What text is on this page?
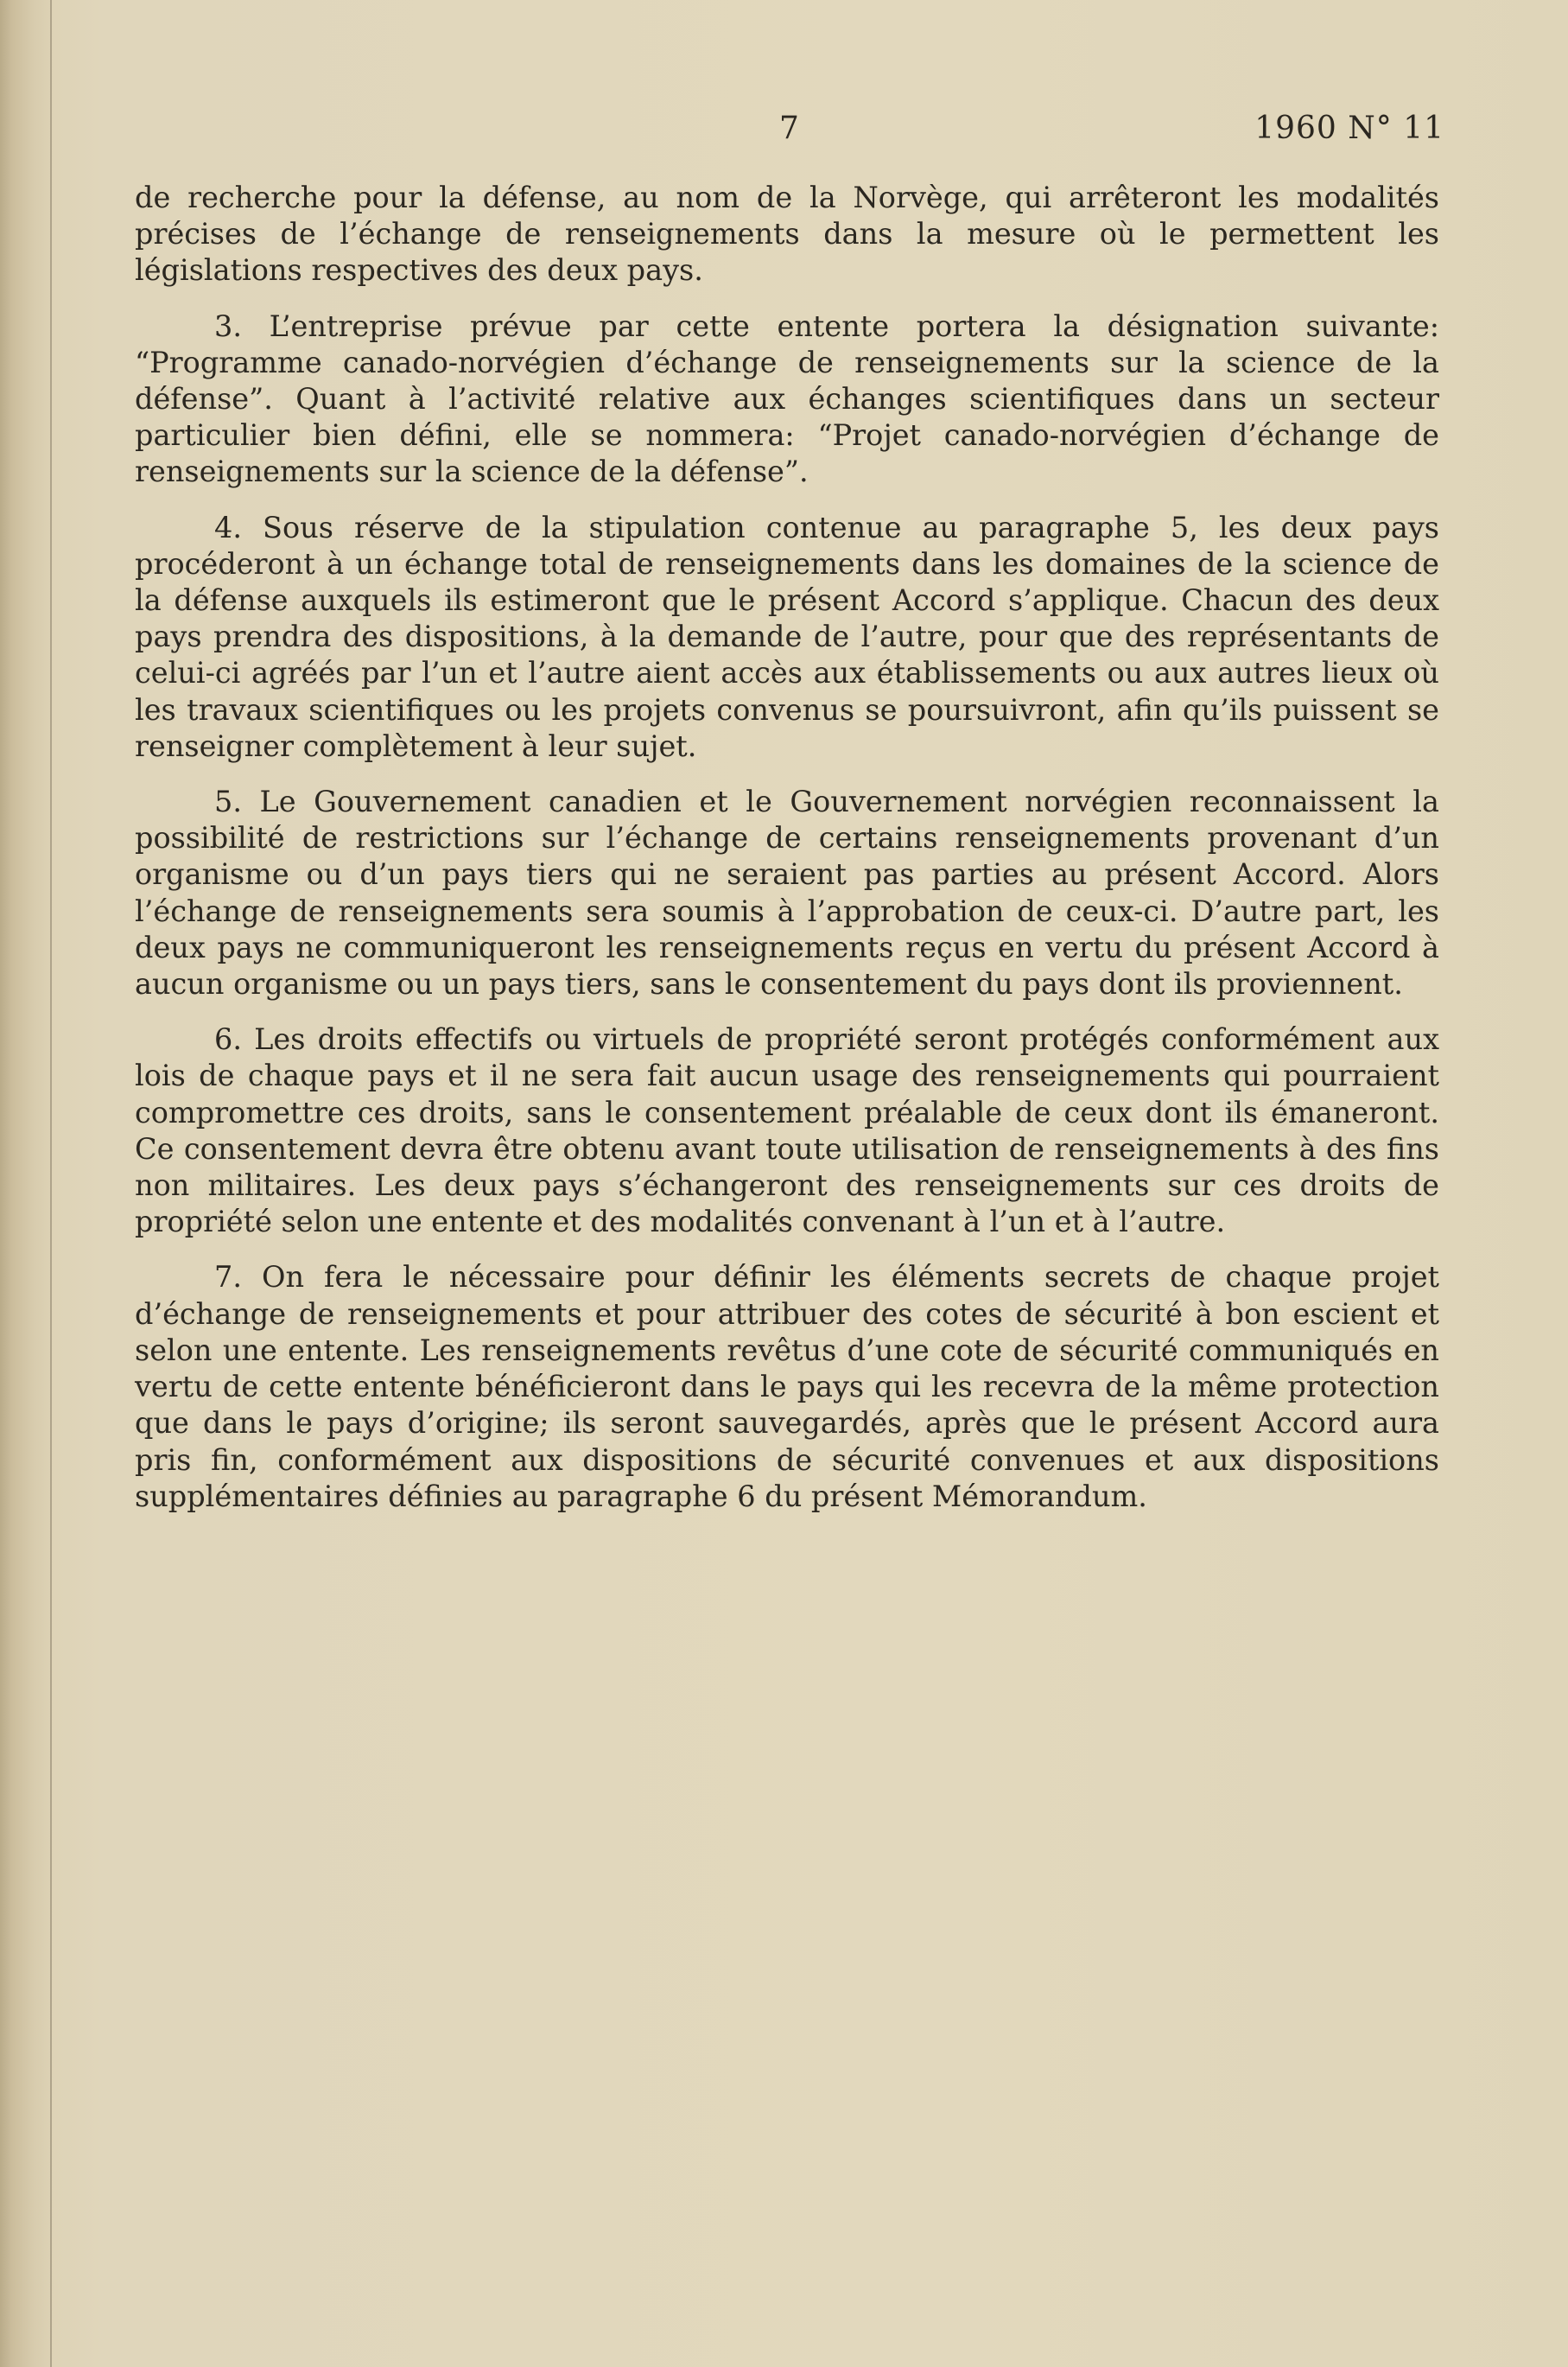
7	1960 N° 11

de recherche pour la défense, au nom de la Norvège, qui arrêteront les modalités précises de l’échange de renseignements dans la mesure où le permettent les législations respectives des deux pays.

3. L’entreprise prévue par cette entente portera la désignation suivante: “Programme canado-norvégien d’échange de renseignements sur la science de la défense”. Quant à l’activité relative aux échanges scientifiques dans un secteur particulier bien défini, elle se nommera: “Projet canado-norvégien d’échange de renseignements sur la science de la défense”.

4. Sous réserve de la stipulation contenue au paragraphe 5, les deux pays procéderont à un échange total de renseignements dans les domaines de la science de la défense auxquels ils estimeront que le présent Accord s’applique. Chacun des deux pays prendra des dispositions, à la demande de l’autre, pour que des représentants de celui-ci agréés par l’un et l’autre aient accès aux établissements ou aux autres lieux où les travaux scientifiques ou les projets convenus se poursuivront, afin qu’ils puissent se renseigner complètement à leur sujet.

5. Le Gouvernement canadien et le Gouvernement norvégien reconnaissent la possibilité de restrictions sur l’échange de certains renseignements provenant d’un organisme ou d’un pays tiers qui ne seraient pas parties au présent Accord. Alors l’échange de renseignements sera soumis à l’approbation de ceux-ci. D’autre part, les deux pays ne communiqueront les renseignements reçus en vertu du présent Accord à aucun organisme ou un pays tiers, sans le consentement du pays dont ils proviennent.

6. Les droits effectifs ou virtuels de propriété seront protégés conformément aux lois de chaque pays et il ne sera fait aucun usage des renseignements qui pourraient compromettre ces droits, sans le consentement préalable de ceux dont ils émaneront. Ce consentement devra être obtenu avant toute utilisation de renseignements à des fins non militaires. Les deux pays s’échangeront des renseignements sur ces droits de propriété selon une entente et des modalités convenant à l’un et à l’autre.

7. On fera le nécessaire pour définir les éléments secrets de chaque projet d’échange de renseignements et pour attribuer des cotes de sécurité à bon escient et selon une entente. Les renseignements revêtus d’une cote de sécurité communiqués en vertu de cette entente bénéficieront dans le pays qui les recevra de la même protection que dans le pays d’origine; ils seront sauvegardés, après que le présent Accord aura pris fin, conformément aux dispositions de sécurité convenues et aux dispositions supplémentaires définies au paragraphe 6 du présent Mémorandum.
